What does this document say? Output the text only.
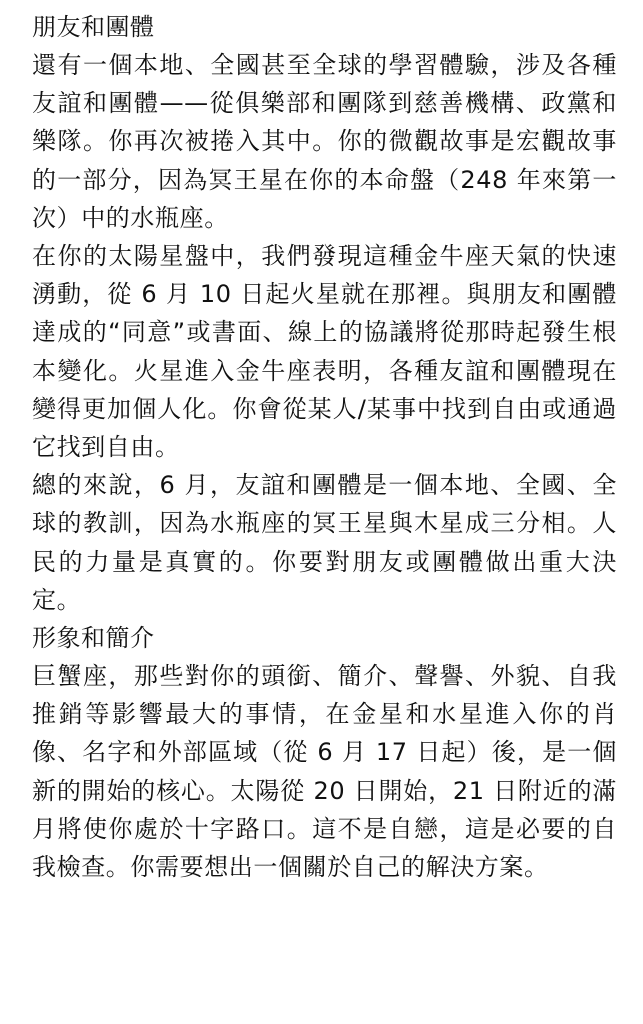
朋友和團體

還有一個本地、全國甚至全球的學習體驗，涉及各種友誼和團體——從俱樂部和團隊到慈善機構、政黨和樂隊。你再次被捲入其中。你的微觀故事是宏觀故事的一部分，因為冥王星在你的本命盤（248 年來第一次）中的水瓶座。

在你的太陽星盤中，我們發現這種金牛座天氣的快速湧動，從 6 月 10 日起火星就在那裡。與朋友和團體達成的“同意”或書面、線上的協議將從那時起發生根本變化。火星進入金牛座表明，各種友誼和團體現在變得更加個人化。你會從某人/某事中找到自由或通過它找到自由。

總的來說，6 月，友誼和團體是一個本地、全國、全球的教訓，因為水瓶座的冥王星與木星成三分相。人民的力量是真實的。你要對朋友或團體做出重大決定。

形象和簡介

巨蟹座，那些對你的頭銜、簡介、聲譽、外貌、自我推銷等影響最大的事情，在金星和水星進入你的肖像、名字和外部區域（從 6 月 17 日起）後，是一個新的開始的核心。太陽從 20 日開始，21 日附近的滿月將使你處於十字路口。這不是自戀，這是必要的自我檢查。你需要想出一個關於自己的解決方案。
